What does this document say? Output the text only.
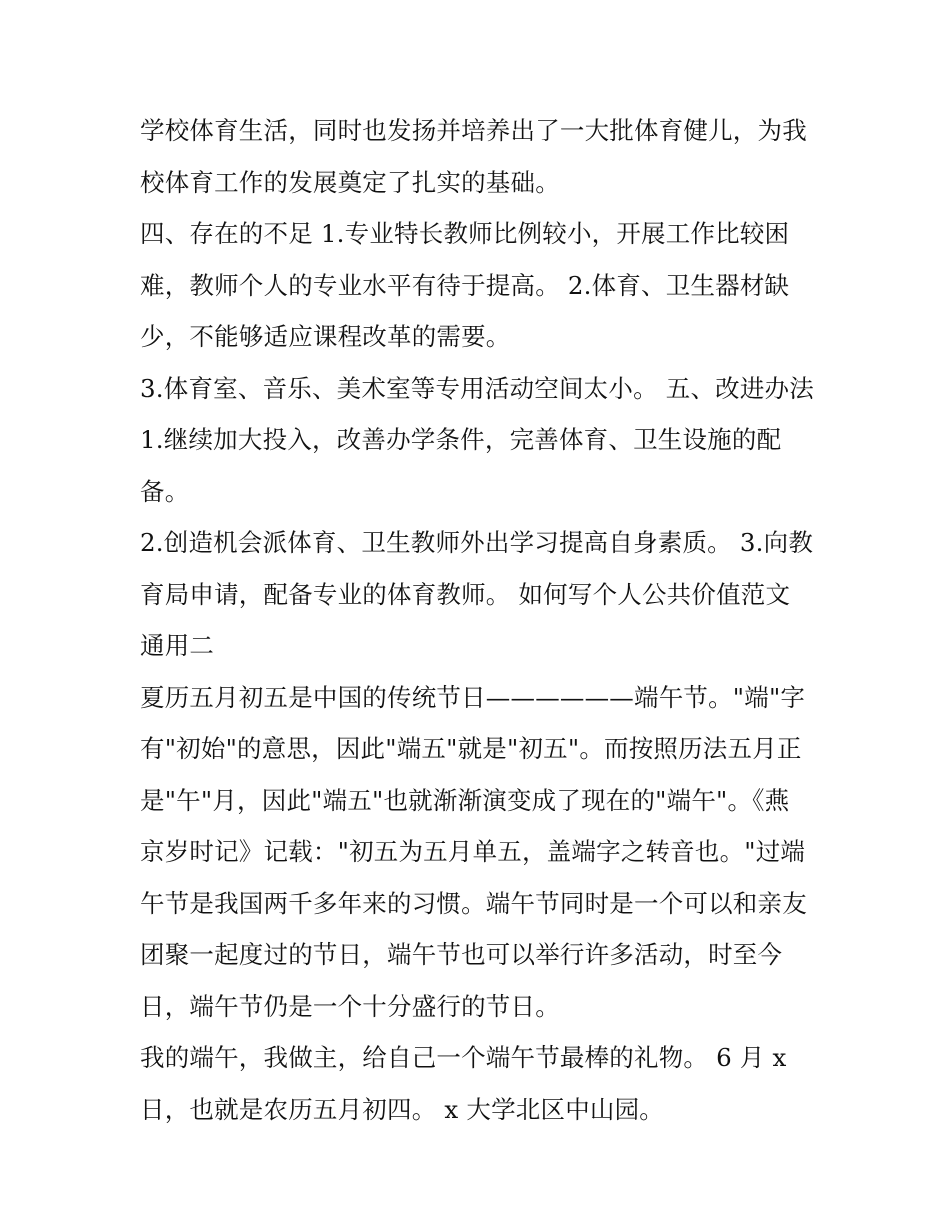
学校体育生活，同时也发扬并培养出了一大批体育健儿，为我
校体育工作的发展奠定了扎实的基础。
四、存在的不足 1.专业特长教师比例较小，开展工作比较困
难，教师个人的专业水平有待于提高。 2.体育、卫生器材缺
少，不能够适应课程改革的需要。
3.体育室、音乐、美术室等专用活动空间太小。 五、改进办法
1.继续加大投入，改善办学条件，完善体育、卫生设施的配
备。
2.创造机会派体育、卫生教师外出学习提高自身素质。 3.向教
育局申请，配备专业的体育教师。 如何写个人公共价值范文
通用二
夏历五月初五是中国的传统节日——————端午节。"端"字
有"初始"的意思，因此"端五"就是"初五"。而按照历法五月正
是"午"月，因此"端五"也就渐渐演变成了现在的"端午"。《燕
京岁时记》记载："初五为五月单五，盖端字之转音也。"过端
午节是我国两千多年来的习惯。端午节同时是一个可以和亲友
团聚一起度过的节日，端午节也可以举行许多活动，时至今
日，端午节仍是一个十分盛行的节日。
我的端午，我做主，给自己一个端午节最棒的礼物。 6 月 x
日，也就是农历五月初四。 x 大学北区中山园。
